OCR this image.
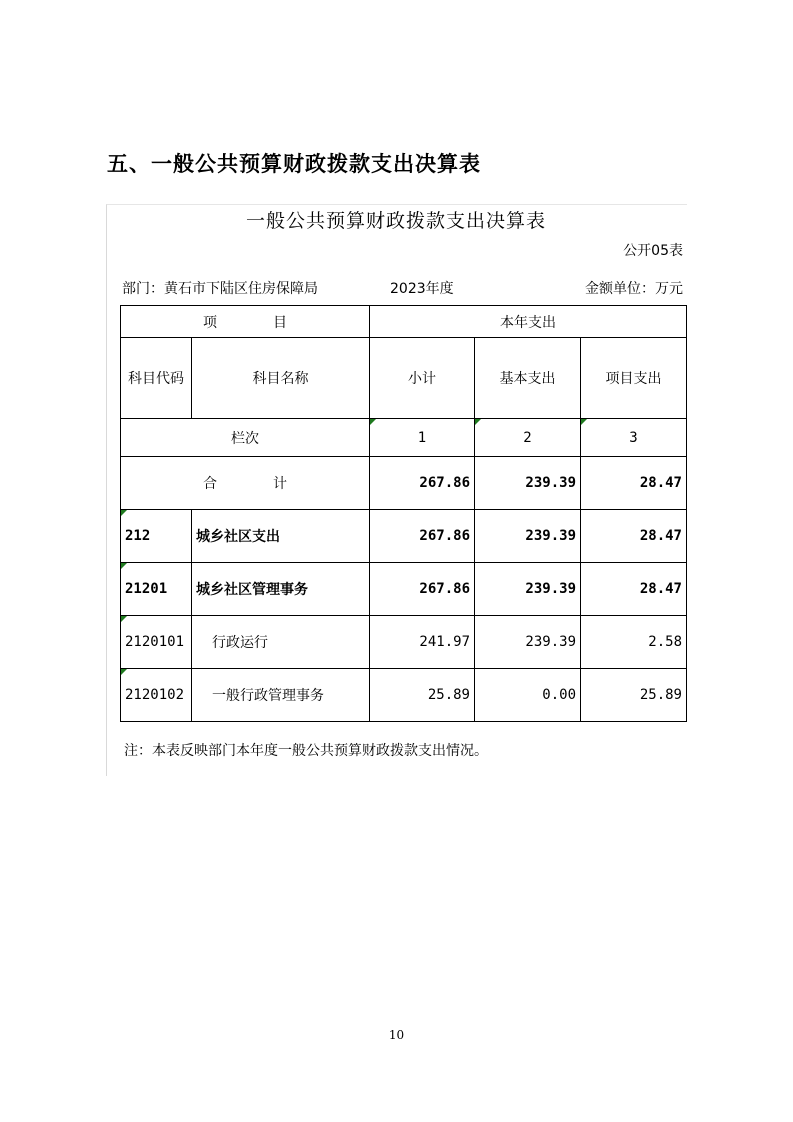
五、一般公共预算财政拨款支出决算表
一般公共预算财政拨款支出决算表
公开05表
部门：黄石市下陆区住房保障局	2023年度	金额单位：万元
项　　　　目		本年支出		
科目代码	科目名称	小计	基本支出	项目支出
栏次		1	2	3
合　　　　计		267.86	239.39	28.47

212	城乡社区支出	267.86	239.39	28.47

21201	城乡社区管理事务	267.86	239.39	28.47

2120101	行政运行	241.97	239.39	2.58

2120102	一般行政管理事务	25.89	0.00	25.89
注：本表反映部门本年度一般公共预算财政拨款支出情况。
10
